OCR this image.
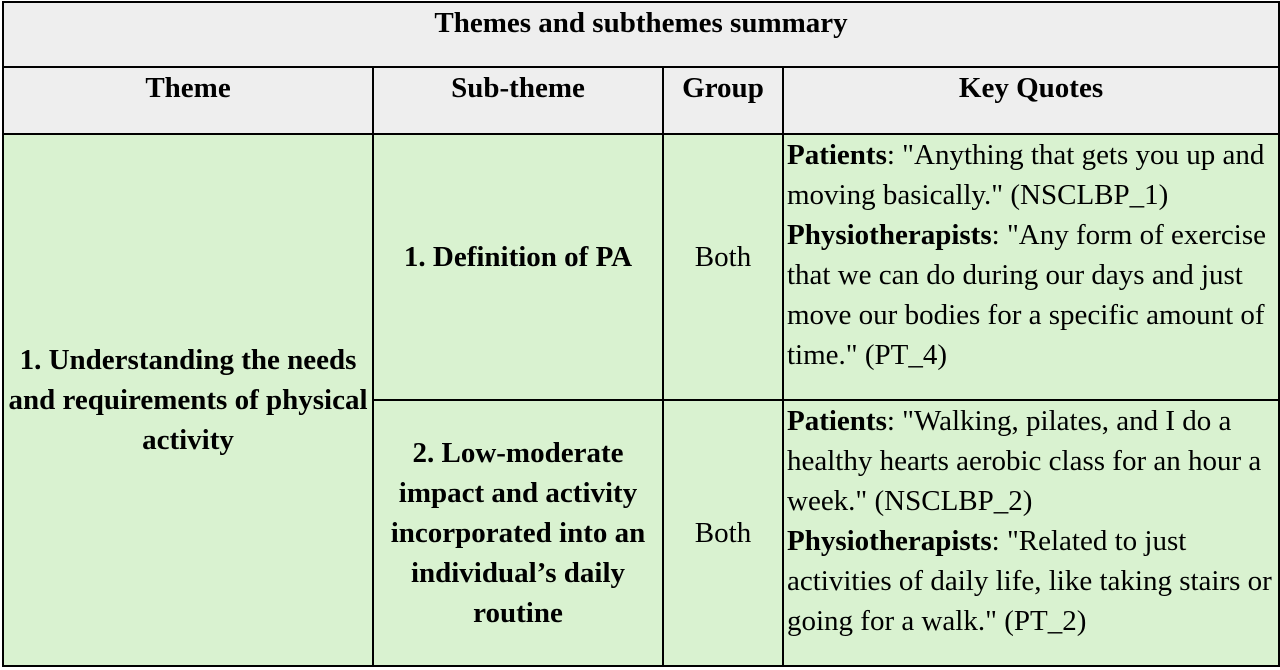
Themes and subthemes summary			
Theme	Sub-theme	Group	Key Quotes

1. Understanding the needs and requirements of physical activity	1. Definition of PA	Both	Patients: "Anything that gets you up and moving basically." (NSCLBP_1)
Physiotherapists: "Any form of exercise that we can do during our days and just move our bodies for a specific amount of time." (PT_4)

	2. Low-moderate impact and activity incorporated into an individual’s daily routine	Both	Patients: "Walking, pilates, and I do a healthy hearts aerobic class for an hour a week." (NSCLBP_2)
Physiotherapists: "Related to just activities of daily life, like taking stairs or going for a walk." (PT_2)
